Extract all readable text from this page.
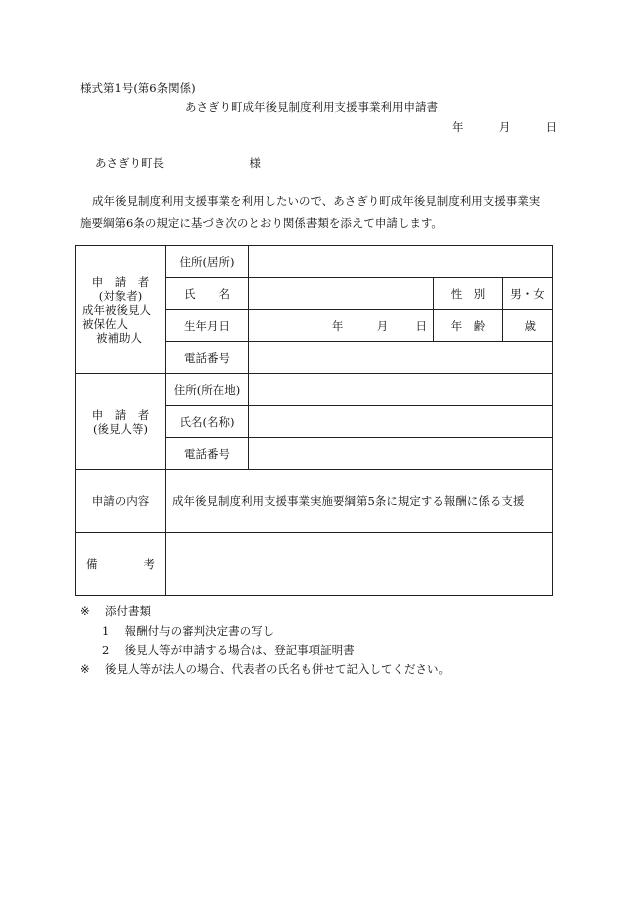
様式第1号(第6条関係)
あさぎり町成年後見制度利用支援事業利用申請書
年	月	日
あさぎり町長	様
成年後見制度利用支援事業を利用したいので、あさぎり町成年後見制度利用支援事業実
施要綱第6条の規定に基づき次のとおり関係書類を添えて申請します。
申　請　者
(対象者)
成年被後見人
被保佐人
被補助人	住所(居所)			
	氏　　名		性　別	男・女
	生年月日	年 月 日	年　齢	歳
	電話番号			

申　請　者
(後見人等)	住所(所在地)			
	氏名(名称)			
	電話番号			
申請の内容	成年後見制度利用支援事業実施要綱第5条に規定する報酬に係る支援			
備 考				

※ 添付書類
1 報酬付与の審判決定書の写し
2 後見人等が申請する場合は、登記事項証明書
※ 後見人等が法人の場合、代表者の氏名も併せて記入してください。
